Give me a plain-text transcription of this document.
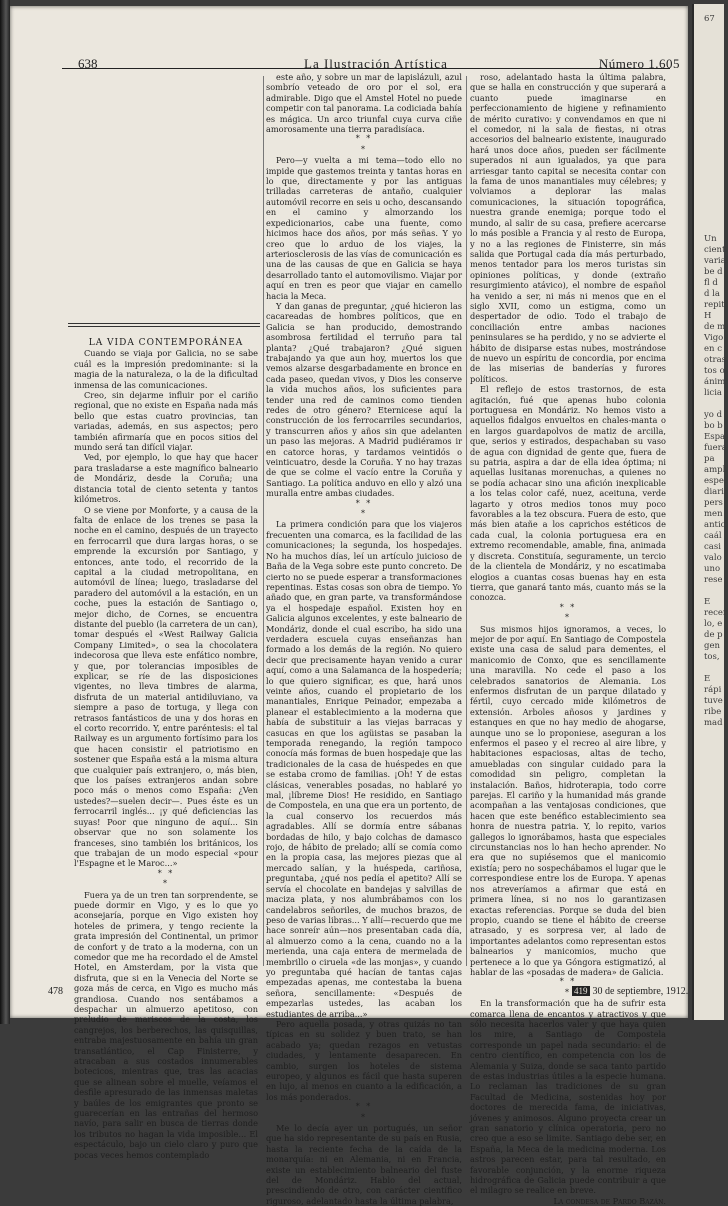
638	La Ilustración Artística	Número 1.605

LA VIDA CONTEMPORÁNEA

Cuando se viaja por Galicia, no se sabe cuál es la impresión predominante: si la magia de la naturaleza, o la de la dificultad inmensa de las comunicaciones.

Creo, sin dejarme influir por el cariño regional, que no existe en España nada más bello que estas cuatro provincias, tan variadas, además, en sus aspectos; pero también afirmaría que en pocos sitios del mundo será tan difícil viajar.

Ved, por ejemplo, lo que hay que hacer para trasladarse a este magnífico balneario de Mondáriz, desde la Coruña; una distancia total de ciento setenta y tantos kilómetros.

O se viene por Monforte, y a causa de la falta de enlace de los trenes se pasa la noche en el camino, después de un trayecto en ferrocarril que dura largas horas, o se emprende la excursión por Santiago, y entonces, ante todo, el recorrido de la capital a la ciudad metropolitana, en automóvil de línea; luego, trasladarse del paradero del automóvil a la estación, en un coche, pues la estación de Santiago o, mejor dicho, de Cornes, se encuentra distante del pueblo (la carretera de un can), tomar después el «West Railway Galicia Company Limited», o sea la chocolatera indecorosa que lleva este enfático nombre, y que, por tolerancias imposibles de explicar, se ríe de las disposiciones vigentes, no lleva timbres de alarma, disfruta de un material antidiluviano, va siempre a paso de tortuga, y llega con retrasos fantásticos de una y dos horas en el corto recorrido. Y, entre paréntesis: el tal Railway es un argumento fortísimo para los que hacen consistir el patriotismo en sostener que España está a la misma altura que cualquier país extranjero, o, más bien, que los países extranjeros andan sobre poco más o menos como España: ¿Ven ustedes?—suelen decir—. Pues éste es un ferrocarril inglés... ¡y qué deficiencias las suyas! Poor que ninguno de aquí... Sin observar que no son solamente los franceses, sino también los británicos, los que trabajan de un modo especial «pour l'Espagne et le Maroc...»

* *
*

Fuera ya de un tren tan sorprendente, se puede dormir en Vigo, y es lo que yo aconsejaría, porque en Vigo existen hoy hoteles de primera, y tengo reciente la grata impresión del Continental, un primor de confort y de trato a la moderna, con un comedor que me ha recordado el de Amstel Hotel, en Amsterdam, por la vista que disfruta, que si en la Venecia del Norte se goza más de cerca, en Vigo es mucho más grandiosa. Cuando nos sentábamos a despachar un almuerzo apetitoso, con preludio de mariscos de la costa, los cangrejos, los berberechos, las quisquillas, entraba majestuosamente en bahía un gran transatlántico, el Cap Finisterre, y atracaban a sus costados innumerables botecicos, mientras que, tras las acacias que se alinean sobre el muelle, veíamos el desfile apresurado de las inmensas maletas y baúles de los emigrantes que pronto se guarecerían en las entrañas del hermoso navío, para salir en busca de tierras donde los tributos no hagan la vida imposible... El espectáculo, bajo un cielo claro y puro que pocas veces hemos contemplado

este año, y sobre un mar de lapislázuli, azul sombrío veteado de oro por el sol, era admirable. Digo que el Amstel Hotel no puede competir con tal panorama. La codiciada bahía es mágica. Un arco triunfal cuya curva ciñe amorosamente una tierra paradisíaca.

* *
*

Pero—y vuelta a mi tema—todo ello no impide que gastemos treinta y tantas horas en lo que, directamente y por las antiguas trilladas carreteras de antaño, cualquier automóvil recorre en seis u ocho, descansando en el camino y almorzando los expedicionarios, cabe una fuente, como hicimos hace dos años, por más señas. Y yo creo que lo arduo de los viajes, la arteriosclerosis de las vías de comunicación es una de las causas de que en Galicia se haya desarrollado tanto el automovilismo. Viajar por aquí en tren es peor que viajar en camello hacia la Meca.

Y dan ganas de preguntar, ¿qué hicieron las cacareadas de hombres políticos, que en Galicia se han producido, demostrando asombrosa fertilidad el terruño para tal planta? ¿Qué trabajaron? ¿Qué siguen trabajando ya que aun hoy, muertos los que vemos alzarse desgarbadamente en bronce en cada paseo, quedan vivos, y Dios les conserve la vida muchos años, los suficientes para tender una red de caminos como tienden redes de otro género? Eternicese aquí la construcción de los ferrocarriles secundarios, y transcurren años y años sin que adelanten un paso las mejoras. A Madrid pudiéramos ir en catorce horas, y tardamos veintidós o veinticuatro, desde la Coruña. Y no hay trazas de que se colme el vacío entre la Coruña y Santiago. La política anduvo en ello y alzó una muralla entre ambas ciudades.

* *
*

La primera condición para que los viajeros frecuenten una comarca, es la facilidad de las comunicaciones; la segunda, los hospedajes. No ha muchos días, leí un artículo juicioso de Baña de la Vega sobre este punto concreto. De cierto no se puede esperar a transformaciones repentinas. Estas cosas son obra de tiempo. Yo añado que, en gran parte, va transformándose ya el hospedaje español. Existen hoy en Galicia algunos excelentes, y este balneario de Mondáriz, donde el cual escribo, ha sido una verdadera escuela cuyas enseñanzas han formado a los demás de la región. No quiero decir que precisamente hayan venido a curar aquí, como a una Salamanca de la hospedería; lo que quiero significar, es que, hará unos veinte años, cuando el propietario de los manantiales, Enrique Peinador, empezaba a planear el establecimiento a la moderna que había de substituir a las viejas barracas y casucas en que los agüistas se pasaban la temporada renegando, la región tampoco conocía más formas de buen hospedaje que las tradicionales de la casa de huéspedes en que se estaba cromo de familias. ¡Oh! Y de estas clásicas, venerables posadas, no hablaré yo mal, ¡líbreme Dios! He residido, en Santiago de Compostela, en una que era un portento, de la cual conservo los recuerdos más agradables. Allí se dormía entre sábanas bordadas de hilo, y bajo colchas de damasco rojo, de hábito de prelado; allí se comía como en la propia casa, las mejores piezas que al mercado salían, y la huéspeda, cariñosa, preguntaba, ¿qué nos pedía el apetito? Allí se servía el chocolate en bandejas y salvillas de maciza plata, y nos alumbrábamos con los candelabros señoriles, de muchos brazos, de peso de varias libras... Y allí—recuerdo que me hace sonreír aún—nos presentaban cada día, al almuerzo como a la cena, cuando no a la merienda, una caja entera de mermelada de membrillo o ciruela «de las monjas», y cuando yo preguntaba qué hacían de tantas cajas empezadas apenas, me contestaba la buena señora, sencillamente: «Después de empezarlas ustedes, las acaban los estudiantes de arriba...»

Pero aquella posada, y otras quizás no tan típicas en su solidez y buen trato, se han acabado ya; quedan rezagos en vetustas ciudades, y lentamente desaparecen. En cambio, surgen los hoteles de sistema europeo, y algunos es fácil que hasta superen en lujo, al menos en cuanto a la edificación, a los más ponderados.

* *
*

Me lo decía ayer un portugués, un señor que ha sido representante de su país en Rusia, hasta la reciente fecha de la caída de la monarquía: ni en Alemania, ni en Francia, existe un establecimiento balneario del fuste del de Mondáriz. Hablo del actual, prescindiendo de otro, con carácter científico riguroso, adelantado hasta la última palabra,

roso, adelantado hasta la última palabra, que se halla en construcción y que superará a cuanto puede imaginarse en perfeccionamiento de higiene y refinamiento de mérito curativo: y convendamos en que ni el comedor, ni la sala de fiestas, ni otras accesorios del balneario existente, inaugurado hará unos doce años, pueden ser fácilmente superados ni aun igualados, ya que para arriesgar tanto capital se necesita contar con la fama de unos manantiales muy célebres; y volviamos a deplorar las malas comunicaciones, la situación topográfica, nuestra grande enemiga; porque todo el mundo, al salir de su casa, prefiere acercarse lo más posible a Francia y al resto de Europa, y no a las regiones de Finisterre, sin más salida que Portugal cada día más perturbado, menos tentador para los meros turistas sin opiniones políticas, y donde (extraño resurgimiento atávico), el nombre de español ha venido a ser, ni más ni menos que en el siglo XVII, como un estigma, como un despertador de odio. Todo el trabajo de conciliación entre ambas naciones peninsulares se ha perdido, y no se advierte el hábito de disiparse estas nubes, mostrándose de nuevo un espíritu de concordia, por encima de las miserias de banderías y furores políticos.

El reflejo de estos trastornos, de esta agitación, fué que apenas hubo colonia portuguesa en Mondáriz. No hemos visto a aquellos fidalgos envueltos en chales-manta o en largos guardapolvos de matiz de arcilla, que, serios y estirados, despachaban su vaso de agua con dignidad de gente que, fuera de su patria, aspira a dar de ella idea óptima; ni aquellas lusitanas morenuchas, a quienes no se podía achacar sino una afición inexplicable a los telas color café, nuez, aceituna, verde lagarto y otros medios tonos muy poco favorables a la tez obscura. Fuera de esto, que más bien atañe a los caprichos estéticos de cada cual, la colonia portuguesa era en extremo recomendable, amable, fina, animada y discreta. Constituía, seguramente, un tercio de la clientela de Mondáriz, y no escatimaba elogios a cuantas cosas buenas hay en esta tierra, que ganará tanto más, cuanto más se la conozca.

* *
*

Sus mismos hijos ignoramos, a veces, lo mejor de por aquí. En Santiago de Compostela existe una casa de salud para dementes, el manicomio de Conxo, que es sencillamente una maravilla. No cede el paso a los celebrados sanatorios de Alemania. Los enfermos disfrutan de un parque dilatado y fértil, cuyo cercado mide kilómetros de extensión. Arboles añosos y jardines y estanques en que no hay medio de ahogarse, aunque uno se lo proponiese, aseguran a los enfermos el paseo y el recreo al aire libre, y habitaciones espaciosas, altas de techo, amuebladas con singular cuidado para la comodidad sin peligro, completan la instalación. Baños, hidroterapia, todo corre parejas. El cariño y la humanidad más grande acompañan a las ventajosas condiciones, que hacen que este benéfico establecimiento sea honra de nuestra patria. Y, lo repito, varios gallegos lo ignorábamos, hasta que especiales circunstancias nos lo han hecho aprender. No era que no supiésemos que el manicomio existía; pero no sospechábamos el lugar que le correspondiese entre los de Europa. Y apenas nos atreveríamos a afirmar que está en primera línea, si no nos lo garantizasen exactas referencias. Porque se duda del bien propio, cuando se tiene el hábito de creerse atrasado, y es sorpresa ver, al lado de importantes adelantos como representan estos balnearios y manicomios, mucho que pertenece a lo que ya Góngora estigmatizó, al hablar de las «posadas de madera» de Galicia.

* *
*

En la transformación que ha de sufrir esta comarca llena de encantos y atractivos y que sólo necesita hacerlos valer y que haya quien los mire, a Santiago de Compostela corresponde un papel nada secundario: el de centro científico, en competencia con los de Alemania y Suiza, donde se saca tanto partido de estas industrias útiles a la especie humana. Lo reclaman las tradiciones de su gran Facultad de Medicina, sostenidas hoy por doctores de merecida fama, de iniciativas, jóvenes y animosos. Alguno proyecta crear un gran sanatorio y clínica operatoria, pero no creo que a eso se limite. Santiago debe ser, en España, la Meca de la medicina moderna. Los astros parecen estar, para tal resultado, en favorable conjunción, y la enorme riqueza hidrográfica de Galicia puede contribuir a que el milagro se realice en breve.

La condesa de Pardo Bazán.

478	419 30 de septiembre, 1912.
67

Un
cient
varial
be d
fl d
d la
repit
H
de m
Vigo
en c
otras
tos o
ánim
licia

yo d
bo b
Espa
fuera
pa
ampl
espe
diari
pers
men
antic
caál
casi
valo
uno
rese

E
recer
lo, e
de p
gen
tos,

E
rápi
tuve
ribe
mad
